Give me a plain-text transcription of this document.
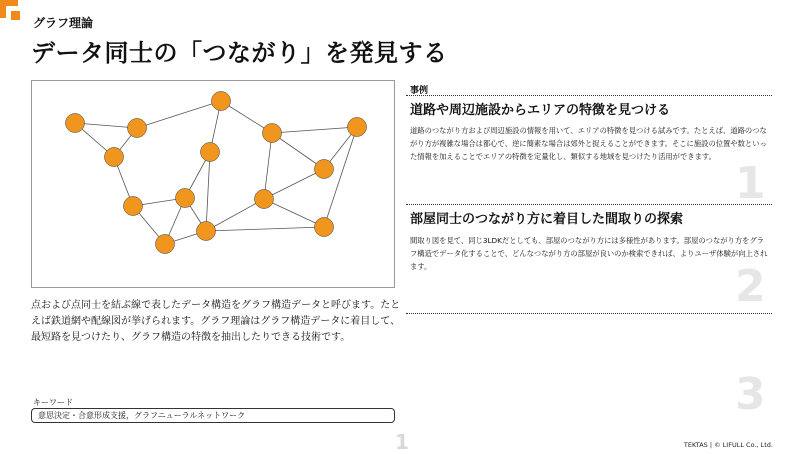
グラフ理論
データ同士の「つながり」を発見する
点および点同士を結ぶ線で表したデータ構造をグラフ構造データと呼びます。たとえば鉄道網や配線図が挙げられます。グラフ理論はグラフ構造データに着目して、最短路を見つけたり、グラフ構造の特徴を抽出したりできる技術です。
キーワード
意思決定・合意形成支援，グラフニューラルネットワーク
1	TEKTAS | © LIFULL Co., Ltd.
事例
道路や周辺施設からエリアの特徴を見つける
道路のつながり方および周辺施設の情報を用いて、エリアの特徴を見つける試みです。たとえば、道路のつながり方が複雑な場合は都心で、逆に簡素な場合は郊外と捉えることができます。そこに施設の位置や数といった情報を加えることでエリアの特徴を定量化し、類似する地域を見つけたり活用ができます。
1
部屋同士のつながり方に着目した間取りの探索
間取り図を見て、同じ3LDKだとしても、部屋のつながり方には多様性があります。部屋のつながり方をグラフ構造でデータ化することで、どんなつながり方の部屋が良いのか検索できれば、よりユーザ体験が向上されます。	2
3
